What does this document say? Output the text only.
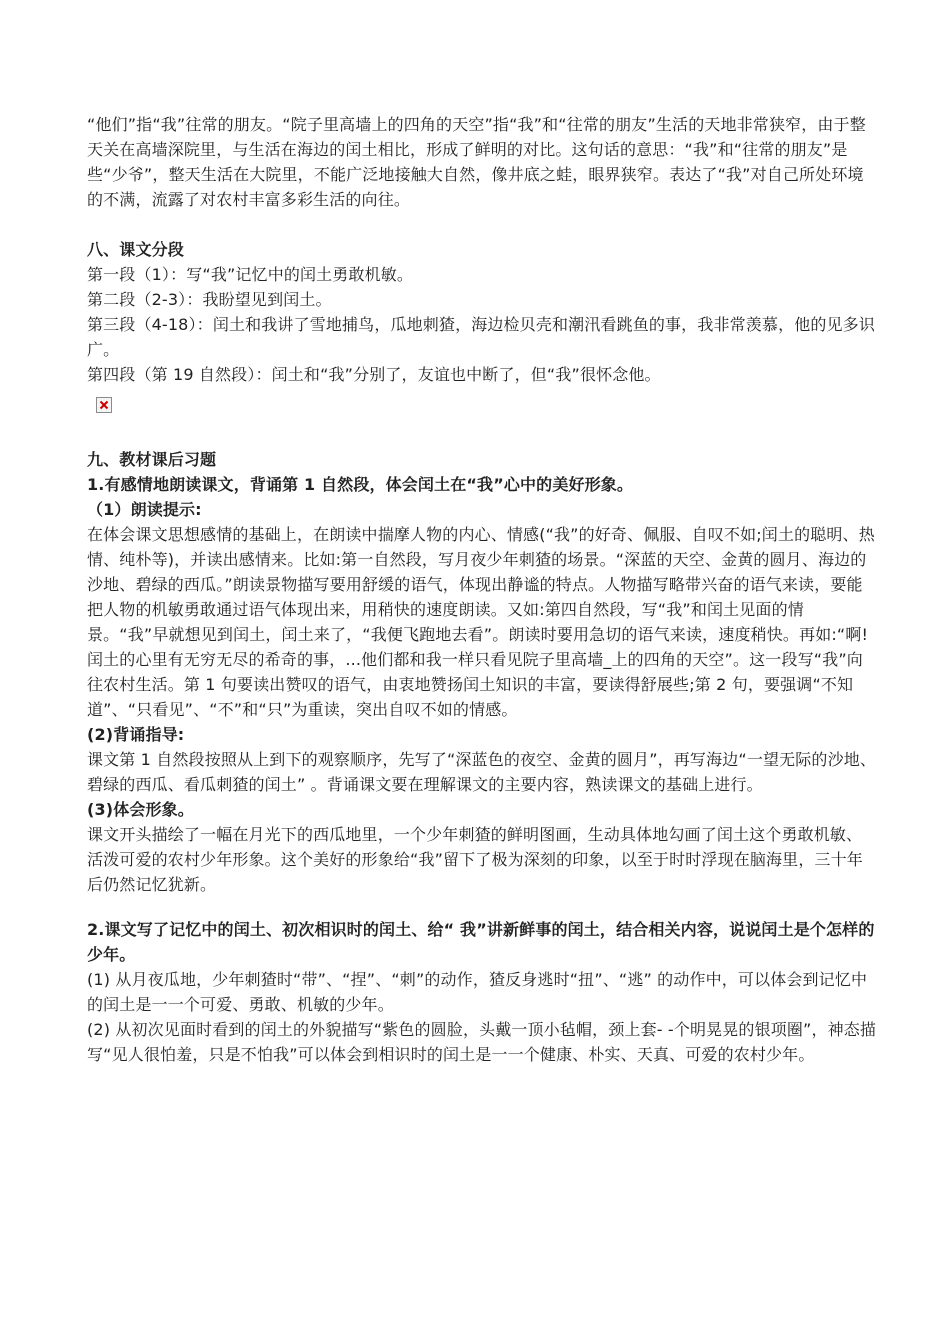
“他们”指“我”往常的朋友。“院子里高墙上的四角的天空”指“我”和“往常的朋友”生活的天地非常狭窄，由于整天关在高墙深院里，与生活在海边的闰土相比，形成了鲜明的对比。这句话的意思：“我”和“往常的朋友”是些“少爷”，整天生活在大院里，不能广泛地接触大自然，像井底之蛙，眼界狭窄。表达了“我”对自己所处环境的不满，流露了对农村丰富多彩生活的向往。

八、课文分段

第一段（1）：写“我”记忆中的闰土勇敢机敏。

第二段（2-3）：我盼望见到闰土。

第三段（4-18）：闰土和我讲了雪地捕鸟，瓜地刺猹，海边检贝壳和潮汛看跳鱼的事，我非常羡慕，他的见多识广。

第四段（第 19 自然段）：闰土和“我”分别了，友谊也中断了，但“我”很怀念他。

九、教材课后习题

1.有感情地朗读课文，背诵第 1 自然段，体会闰土在“我”心中的美好形象。

（1）朗读提示:

在体会课文思想感情的基础上，在朗读中揣摩人物的内心、情感(“我”的好奇、佩服、自叹不如;闰土的聪明、热情、纯朴等)，并读出感情来。比如:第一自然段，写月夜少年刺猹的场景。“深蓝的天空、金黄的圆月、海边的沙地、碧绿的西瓜。”朗读景物描写要用舒缓的语气，体现出静谧的特点。人物描写略带兴奋的语气来读，要能把人物的机敏勇敢通过语气体现出来，用稍快的速度朗读。又如:第四自然段，写“我”和闰土见面的情景。“我”早就想见到闰土，闰土来了，“我便飞跑地去看”。朗读时要用急切的语气来读，速度稍快。再如:“啊!闰土的心里有无穷无尽的希奇的事，...他们都和我一样只看见院子里高墙_上的四角的天空”。这一段写“我”向往农村生活。第 1 句要读出赞叹的语气，由衷地赞扬闰土知识的丰富，要读得舒展些;第 2 句，要强调“不知道”、“只看见”、“不”和“只”为重读，突出自叹不如的情感。

(2)背诵指导:

课文第 1 自然段按照从上到下的观察顺序，先写了“深蓝色的夜空、金黄的圆月”，再写海边“一望无际的沙地、碧绿的西瓜、看瓜刺猹的闰土” 。背诵课文要在理解课文的主要内容，熟读课文的基础上进行。

(3)体会形象。

课文开头描绘了一幅在月光下的西瓜地里，一个少年刺猹的鲜明图画，生动具体地勾画了闰土这个勇敢机敏、活泼可爱的农村少年形象。这个美好的形象给“我”留下了极为深刻的印象，以至于时时浮现在脑海里，三十年后仍然记忆犹新。

2.课文写了记忆中的闰土、初次相识时的闰土、给“ 我”讲新鲜事的闰土，结合相关内容，说说闰土是个怎样的少年。

(1) 从月夜瓜地，少年刺猹时“带”、“捏”、“刺”的动作，猹反身逃时“扭”、“逃” 的动作中，可以体会到记忆中的闰土是一一个可爱、勇敢、机敏的少年。

(2) 从初次见面时看到的闰土的外貌描写“紫色的圆脸，头戴一顶小毡帽，颈上套- -个明晃晃的银项圈”，神态描写“见人很怕羞，只是不怕我”可以体会到相识时的闰土是一一个健康、朴实、天真、可爱的农村少年。
